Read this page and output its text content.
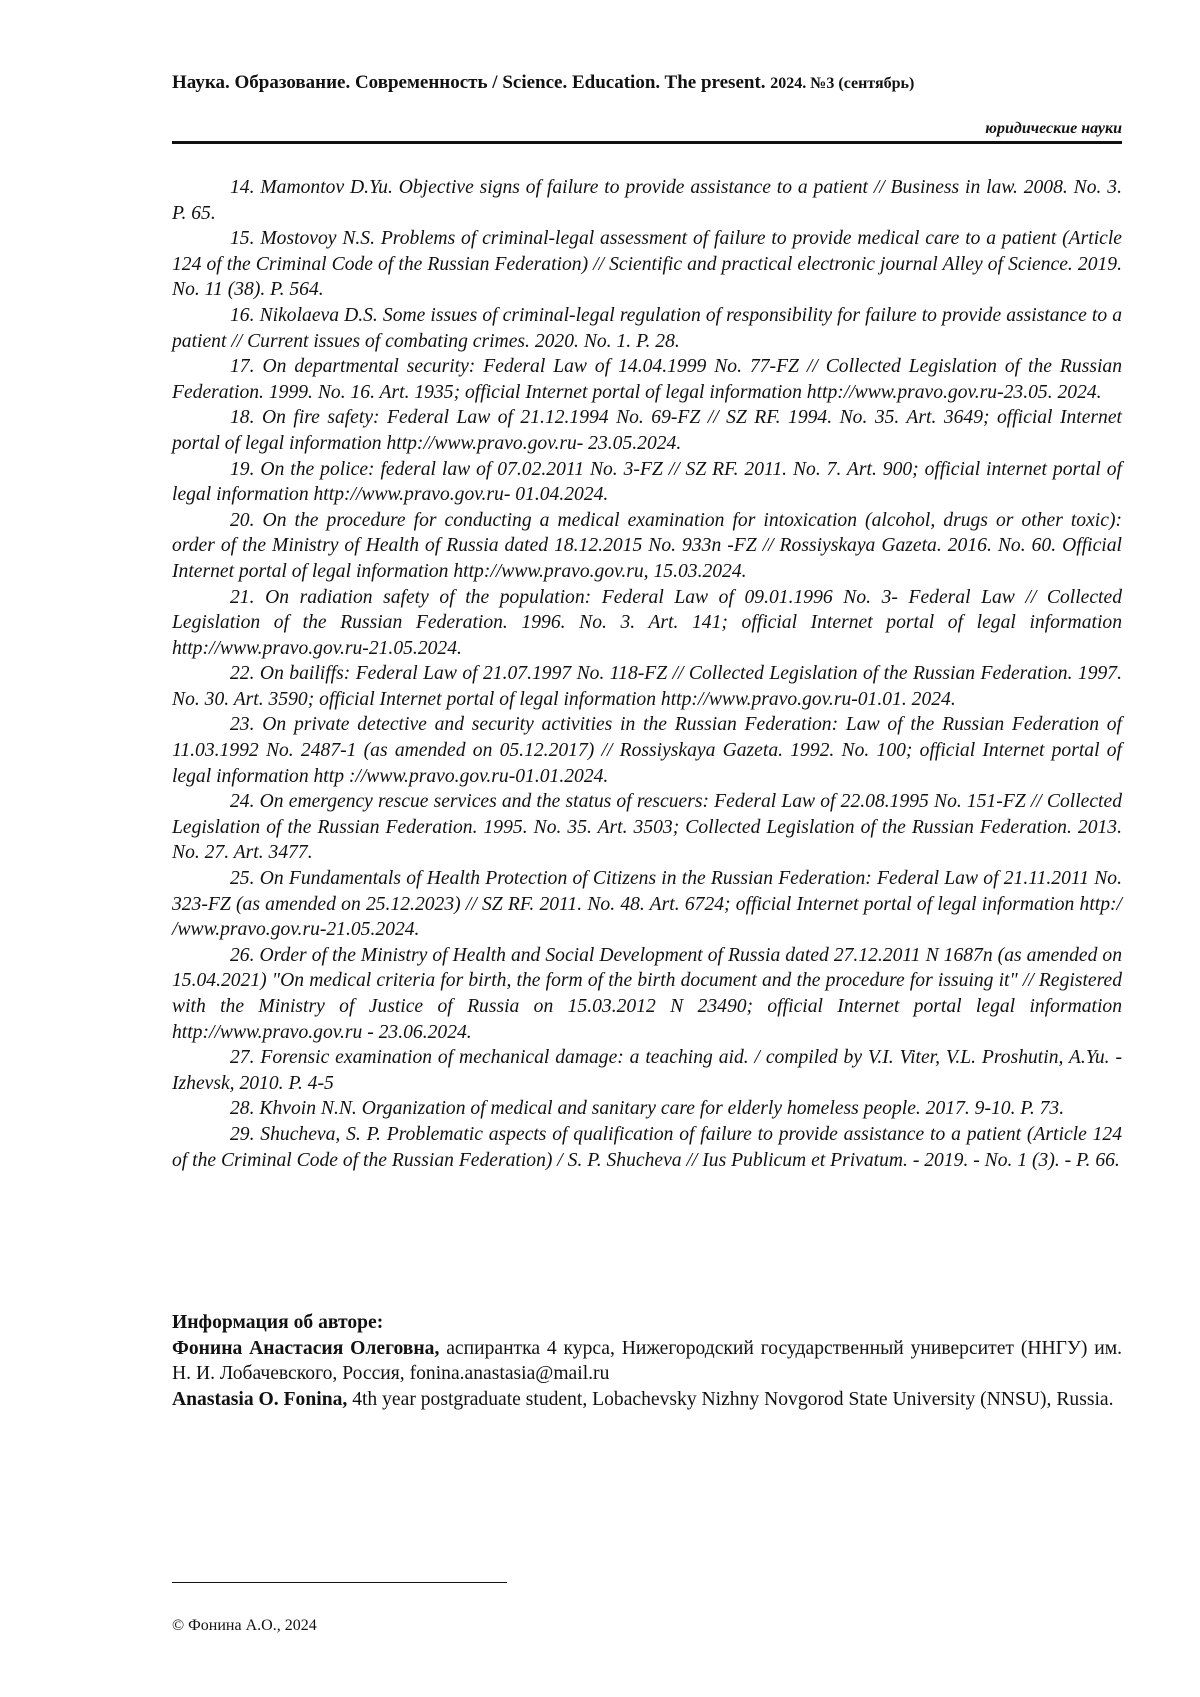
Наука. Образование. Современность / Science. Education. The present. 2024. №3 (сентябрь)
юридические науки

14. Mamontov D.Yu. Objective signs of failure to provide assistance to a patient // Business in law. 2008. No. 3. P. 65.

15. Mostovoy N.S. Problems of criminal-legal assessment of failure to provide medical care to a patient (Article 124 of the Criminal Code of the Russian Federation) // Scientific and practical electronic journal Alley of Science. 2019. No. 11 (38). P. 564.

16. Nikolaeva D.S. Some issues of criminal-legal regulation of responsibility for failure to provide assistance to a patient // Current issues of combating crimes. 2020. No. 1. P. 28.

17. On departmental security: Federal Law of 14.04.1999 No. 77-FZ // Collected Legislation of the Russian Federation. 1999. No. 16. Art. 1935; official Internet portal of legal information http://www.pravo.gov.ru-23.05. 2024.

18. On fire safety: Federal Law of 21.12.1994 No. 69-FZ // SZ RF. 1994. No. 35. Art. 3649; official Internet portal of legal information http://www.pravo.gov.ru- 23.05.2024.

19. On the police: federal law of 07.02.2011 No. 3-FZ // SZ RF. 2011. No. 7. Art. 900; official internet portal of legal information http://www.pravo.gov.ru- 01.04.2024.

20. On the procedure for conducting a medical examination for intoxication (alcohol, drugs or other toxic): order of the Ministry of Health of Russia dated 18.12.2015 No. 933n -FZ // Rossiyskaya Gazeta. 2016. No. 60. Official Internet portal of legal information http://www.pravo.gov.ru, 15.03.2024.

21. On radiation safety of the population: Federal Law of 09.01.1996 No. 3- Federal Law // Collected Legislation of the Russian Federation. 1996. No. 3. Art. 141; official Internet portal of legal information http://www.pravo.gov.ru-21.05.2024.

22. On bailiffs: Federal Law of 21.07.1997 No. 118-FZ // Collected Legislation of the Russian Federation. 1997. No. 30. Art. 3590; official Internet portal of legal information http://www.pravo.gov.ru-01.01. 2024.

23. On private detective and security activities in the Russian Federation: Law of the Russian Federation of 11.03.1992 No. 2487-1 (as amended on 05.12.2017) // Rossiyskaya Gazeta. 1992. No. 100; official Internet portal of legal information http ://www.pravo.gov.ru-01.01.2024.

24. On emergency rescue services and the status of rescuers: Federal Law of 22.08.1995 No. 151-FZ // Collected Legislation of the Russian Federation. 1995. No. 35. Art. 3503; Collected Legislation of the Russian Federation. 2013. No. 27. Art. 3477.

25. On Fundamentals of Health Protection of Citizens in the Russian Federation: Federal Law of 21.11.2011 No. 323-FZ (as amended on 25.12.2023) // SZ RF. 2011. No. 48. Art. 6724; official Internet portal of legal information http:/ /www.pravo.gov.ru-21.05.2024.

26. Order of the Ministry of Health and Social Development of Russia dated 27.12.2011 N 1687n (as amended on 15.04.2021) "On medical criteria for birth, the form of the birth document and the procedure for issuing it" // Registered with the Ministry of Justice of Russia on 15.03.2012 N 23490; official Internet portal legal information http://www.pravo.gov.ru - 23.06.2024.

27. Forensic examination of mechanical damage: a teaching aid. / compiled by V.I. Viter, V.L. Proshutin, A.Yu. - Izhevsk, 2010. P. 4-5

28. Khvoin N.N. Organization of medical and sanitary care for elderly homeless people. 2017. 9-10. P. 73.

29. Shucheva, S. P. Problematic aspects of qualification of failure to provide assistance to a patient (Article 124 of the Criminal Code of the Russian Federation) / S. P. Shucheva // Ius Publicum et Privatum. - 2019. - No. 1 (3). - P. 66.

Информация об авторе:

Фонина Анастасия Олеговна, аспирантка 4 курса, Нижегородский государственный университет (ННГУ) им. Н. И. Лобачевского, Россия, fonina.anastasia@mail.ru

Anastasia O. Fonina, 4th year postgraduate student, Lobachevsky Nizhny Novgorod State University (NNSU), Russia.

© Фонина А.О., 2024
